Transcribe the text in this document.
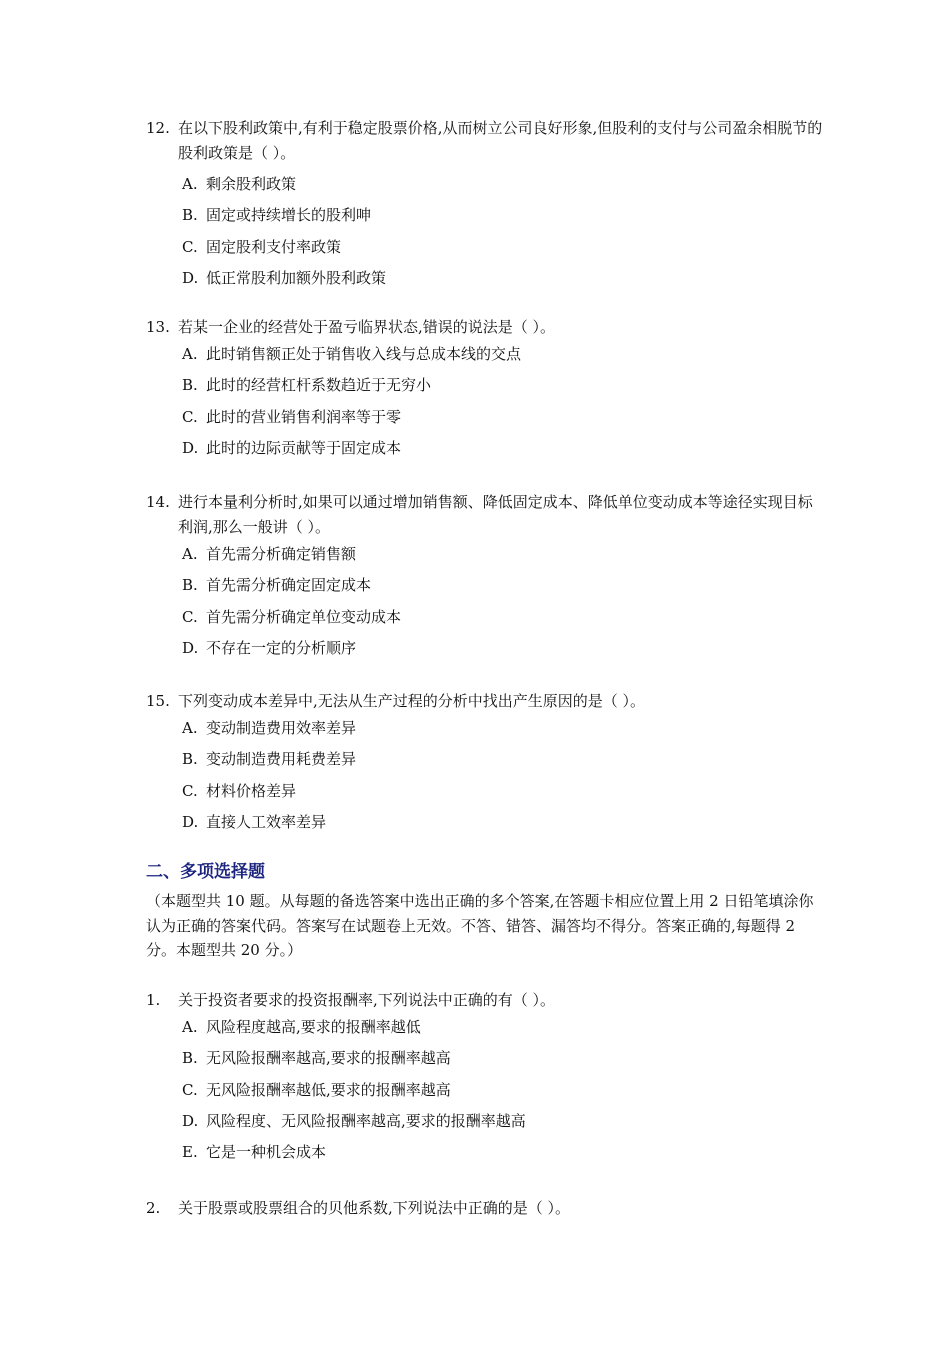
12. 在以下股利政策中,有利于稳定股票价格,从而树立公司良好形象,但股利的支付与公司盈余相脱节的股利政策是（ ）。
A. 剩余股利政策
B. 固定或持续增长的股利呻
C. 固定股利支付率政策
D. 低正常股利加额外股利政策
13. 若某一企业的经营处于盈亏临界状态,错误的说法是（ ）。
A. 此时销售额正处于销售收入线与总成本线的交点
B. 此时的经营杠杆系数趋近于无穷小
C. 此时的营业销售利润率等于零
D. 此时的边际贡献等于固定成本
14. 进行本量利分析时,如果可以通过增加销售额、降低固定成本、降低单位变动成本等途径实现目标利润,那么一般讲（ ）。
A. 首先需分析确定销售额
B. 首先需分析确定固定成本
C. 首先需分析确定单位变动成本
D. 不存在一定的分析顺序
15. 下列变动成本差异中,无法从生产过程的分析中找出产生原因的是（ ）。
A. 变动制造费用效率差异
B. 变动制造费用耗费差异
C. 材料价格差异
D. 直接人工效率差异
二、多项选择题
（本题型共 10 题。从每题的备选答案中选出正确的多个答案,在答题卡相应位置上用 2 日铅笔填涂你认为正确的答案代码。答案写在试题卷上无效。不答、错答、漏答均不得分。答案正确的,每题得 2 分。本题型共 20 分。）
1.	关于投资者要求的投资报酬率,下列说法中正确的有（ ）。
A. 风险程度越高,要求的报酬率越低
B. 无风险报酬率越高,要求的报酬率越高
C. 无风险报酬率越低,要求的报酬率越高
D. 风险程度、无风险报酬率越高,要求的报酬率越高
E. 它是一种机会成本
2.	关于股票或股票组合的贝他系数,下列说法中正确的是（ ）。
